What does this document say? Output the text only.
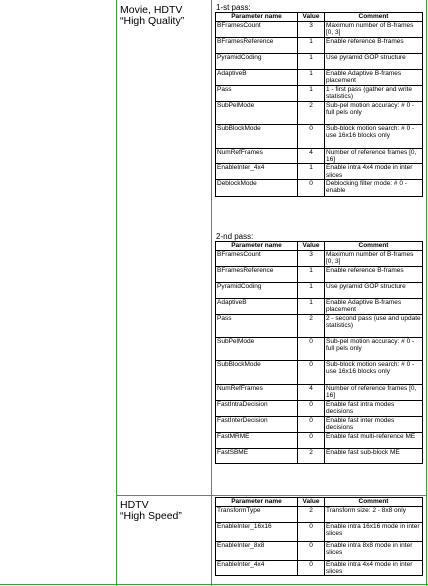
Movie, HDTV
“High Quality”
1-st pass:
Parameter name	Value	Comment
BFramesCount	3	Maximum number of B-frames [0, 3]
BFramesReference	1	Enable reference B-frames
PyramidCoding	1	Use pyramid GOP structure
AdaptiveB	1	Enable Adaptive B-frames placement
Pass	1	1 - first pass (gather and write statistics)
SubPelMode	2	Sub-pel motion accuracy: # 0 - full pels only
SubBlockMode	0	Sub-block motion search: # 0 - use 16x16 blocks only
NumRefFrames	4	Number of reference frames [0, 16]
EnableInter_4x4	1	Enable intra 4x4 mode in inter slices
DeblockMode	0	Deblocking filter mode: # 0 - enable
2-nd pass:
Parameter name	Value	Comment
BFramesCount	3	Maximum number of B-frames [0, 3]
BFramesReference	1	Enable reference B-frames
PyramidCoding	1	Use pyramid GOP structure
AdaptiveB	1	Enable Adaptive B-frames placement
Pass	2	2 - second pass (use and update statistics)
SubPelMode	0	Sub-pel motion accuracy: # 0 - full pels only
SubBlockMode	0	Sub-block motion search: # 0 - use 16x16 blocks only
NumRefFrames	4	Number of reference frames [0, 16]
FastIntraDecision	0	Enable fast intra modes decisions
FastInterDecision	0	Enable fast inter modes decisions
FastMRME	0	Enable fast multi-reference ME
FastSBME	2	Enable fast sub-block ME
HDTV
“High Speed”
Parameter name	Value	Comment
TransformType	2	Transform size: 2 - 8x8 only
EnableInter_16x16	0	Enable intra 16x16 mode in inter slices
EnableInter_8x8	0	Enable intra 8x8 mode in inter slices
EnableInter_4x4	0	Enable intra 4x4 mode in inter slices
